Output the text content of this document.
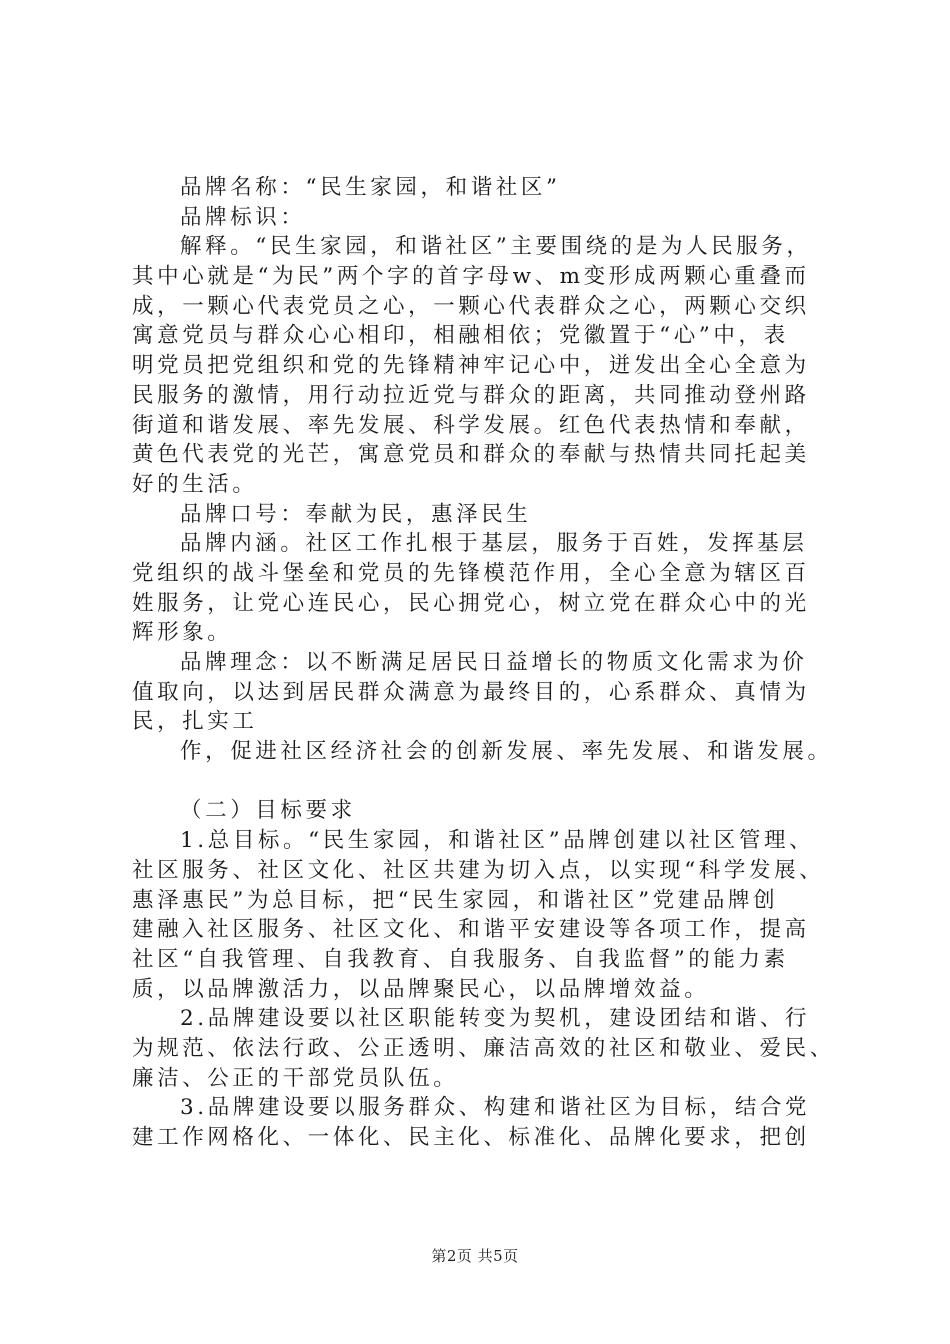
品牌名称：“民生家园，和谐社区”
品牌标识：
解释。“民生家园，和谐社区”主要围绕的是为人民服务，
其中心就是“为民”两个字的首字母w、m变形成两颗心重叠而
成，一颗心代表党员之心，一颗心代表群众之心，两颗心交织
寓意党员与群众心心相印，相融相依；党徽置于“心”中，表
明党员把党组织和党的先锋精神牢记心中，迸发出全心全意为
民服务的激情，用行动拉近党与群众的距离，共同推动登州路
街道和谐发展、率先发展、科学发展。红色代表热情和奉献，
黄色代表党的光芒，寓意党员和群众的奉献与热情共同托起美
好的生活。
品牌口号：奉献为民，惠泽民生
品牌内涵。社区工作扎根于基层，服务于百姓，发挥基层
党组织的战斗堡垒和党员的先锋模范作用，全心全意为辖区百
姓服务，让党心连民心，民心拥党心，树立党在群众心中的光
辉形象。
品牌理念：以不断满足居民日益增长的物质文化需求为价
值取向，以达到居民群众满意为最终目的，心系群众、真情为
民，扎实工
作，促进社区经济社会的创新发展、率先发展、和谐发展。
（二）目标要求
1.总目标。“民生家园，和谐社区”品牌创建以社区管理、
社区服务、社区文化、社区共建为切入点，以实现“科学发展、
惠泽惠民”为总目标，把“民生家园，和谐社区”党建品牌创
建融入社区服务、社区文化、和谐平安建设等各项工作，提高
社区“自我管理、自我教育、自我服务、自我监督”的能力素
质，以品牌激活力，以品牌聚民心，以品牌增效益。
2.品牌建设要以社区职能转变为契机，建设团结和谐、行
为规范、依法行政、公正透明、廉洁高效的社区和敬业、爱民、
廉洁、公正的干部党员队伍。
3.品牌建设要以服务群众、构建和谐社区为目标，结合党
建工作网格化、一体化、民主化、标准化、品牌化要求，把创
第2页 共5页
